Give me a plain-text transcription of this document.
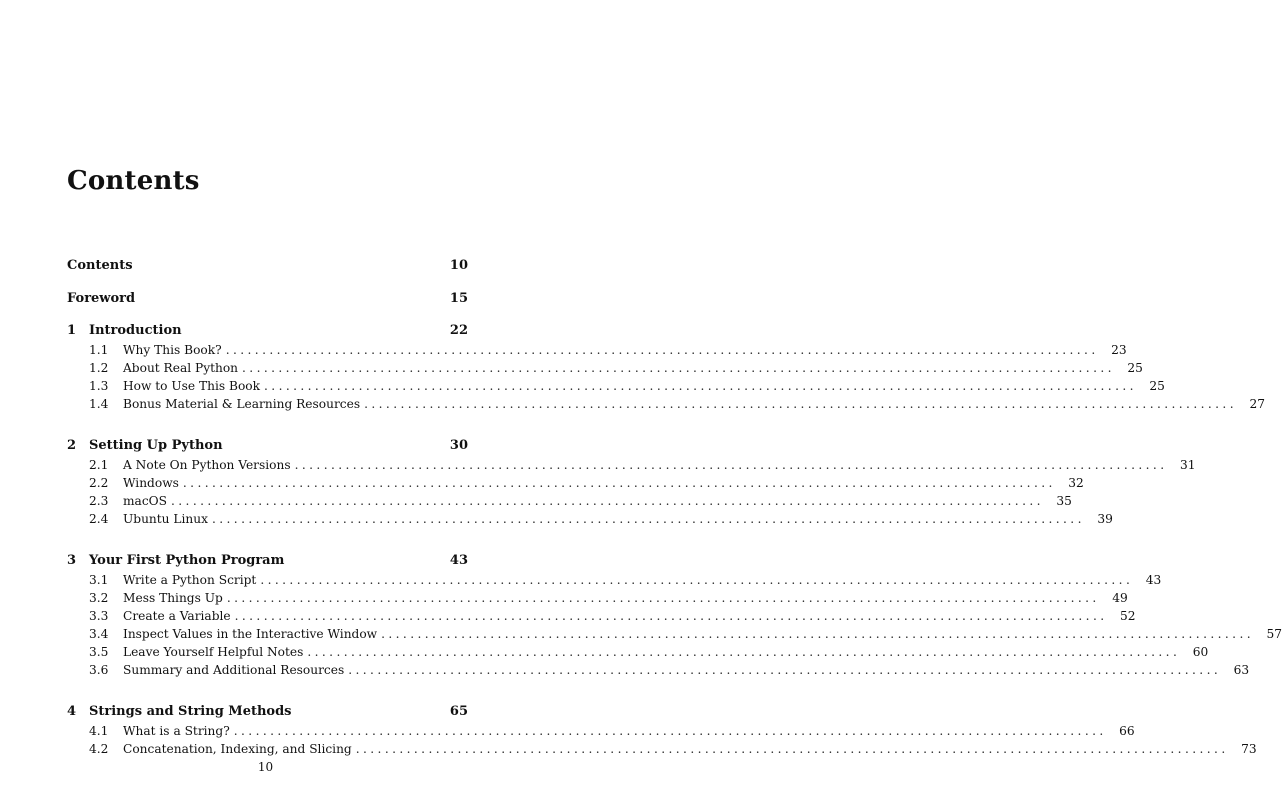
Contents
Contents	10
Foreword	15
1 Introduction	22
1.1	Why This Book? ........................................................................................................................	23
1.2	About Real Python ........................................................................................................................	25
1.3	How to Use This Book ........................................................................................................................	25
1.4	Bonus Material & Learning Resources ........................................................................................................................	27
2 Setting Up Python	30
2.1	A Note On Python Versions ........................................................................................................................	31
2.2	Windows ........................................................................................................................	32
2.3	macOS ........................................................................................................................	35
2.4	Ubuntu Linux ........................................................................................................................	39
3 Your First Python Program	43
3.1	Write a Python Script ........................................................................................................................	43
3.2	Mess Things Up ........................................................................................................................	49
3.3	Create a Variable ........................................................................................................................	52
3.4	Inspect Values in the Interactive Window ........................................................................................................................	57
3.5	Leave Yourself Helpful Notes ........................................................................................................................	60
3.6	Summary and Additional Resources ........................................................................................................................	63
4 Strings and String Methods	65
4.1	What is a String? ........................................................................................................................	66
4.2	Concatenation, Indexing, and Slicing ........................................................................................................................	73
10
